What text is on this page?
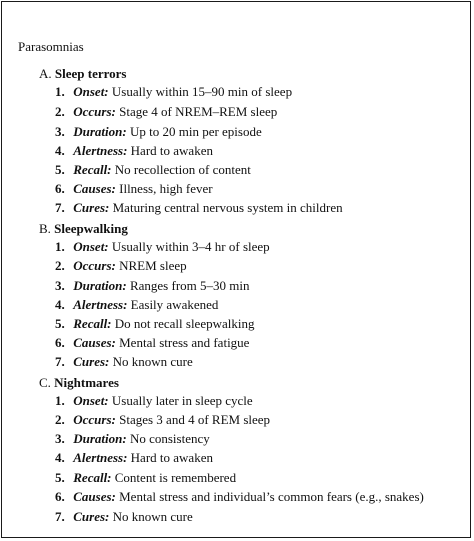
Parasomnias
A. Sleep terrors
1. Onset: Usually within 15–90 min of sleep
2. Occurs: Stage 4 of NREM–REM sleep
3. Duration: Up to 20 min per episode
4. Alertness: Hard to awaken
5. Recall: No recollection of content
6. Causes: Illness, high fever
7. Cures: Maturing central nervous system in children
B. Sleepwalking
1. Onset: Usually within 3–4 hr of sleep
2. Occurs: NREM sleep
3. Duration: Ranges from 5–30 min
4. Alertness: Easily awakened
5. Recall: Do not recall sleepwalking
6. Causes: Mental stress and fatigue
7. Cures: No known cure
C. Nightmares
1. Onset: Usually later in sleep cycle
2. Occurs: Stages 3 and 4 of REM sleep
3. Duration: No consistency
4. Alertness: Hard to awaken
5. Recall: Content is remembered
6. Causes: Mental stress and individual’s common fears (e.g., snakes)
7. Cures: No known cure
